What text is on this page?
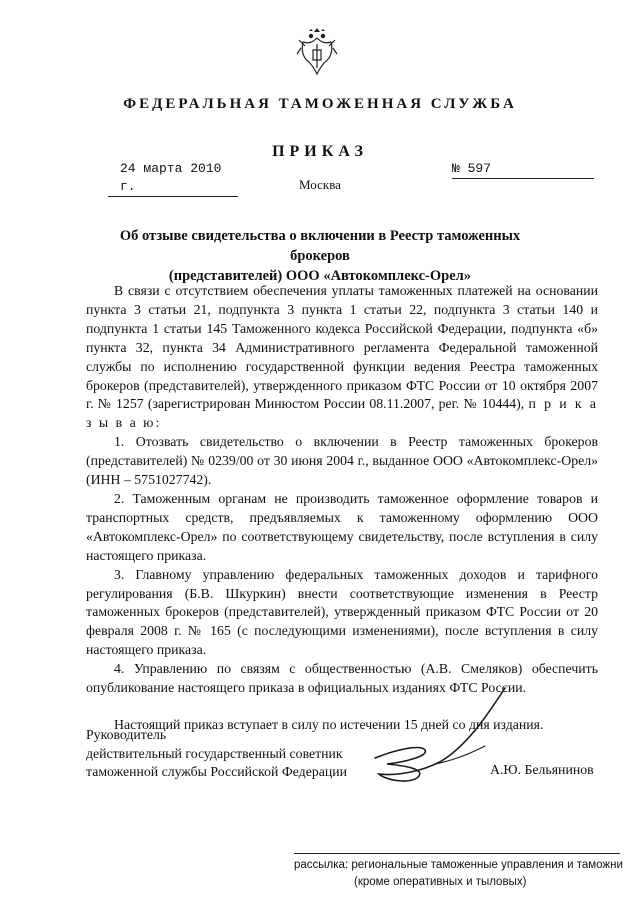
ФЕДЕРАЛЬНАЯ ТАМОЖЕННАЯ СЛУЖБА
ПРИКАЗ
24 марта 2010 г.
№ 597
Москва
Об отзыве свидетельства о включении в Реестр таможенных брокеров
(представителей) ООО «Автокомплекс-Орел»

В связи с отсутствием обеспечения уплаты таможенных платежей на основании пункта 3 статьи 21, подпункта 3 пункта 1 статьи 22, подпункта 3 статьи 140 и подпункта 1 статьи 145 Таможенного кодекса Российской Федерации, подпункта «б» пункта 32, пункта 34 Административного регламента Федеральной таможенной службы по исполнению государственной функции ведения Реестра таможенных брокеров (представителей), утвержденного приказом ФТС России от 10 октября 2007 г. № 1257 (зарегистрирован Минюстом России 08.11.2007, рег. № 10444), п р и к а з ы в а ю:

1. Отозвать свидетельство о включении в Реестр таможенных брокеров (представителей) № 0239/00 от 30 июня 2004 г., выданное ООО «Автокомплекс-Орел» (ИНН – 5751027742).

2. Таможенным органам не производить таможенное оформление товаров и транспортных средств, предъявляемых к таможенному оформлению ООО «Автокомплекс-Орел» по соответствующему свидетельству, после вступления в силу настоящего приказа.

3. Главному управлению федеральных таможенных доходов и тарифного регулирования (Б.В. Шкуркин) внести соответствующие изменения в Реестр таможенных брокеров (представителей), утвержденный приказом ФТС России от 20 февраля 2008 г. № 165 (с последующими изменениями), после вступления в силу настоящего приказа.

4. Управлению по связям с общественностью (А.В. Смеляков) обеспечить опубликование настоящего приказа в официальных изданиях ФТС России.

Настоящий приказ вступает в силу по истечении 15 дней со дня издания.

Руководитель
действительный государственный советник
таможенной службы Российской Федерации	А.Ю. Бельянинов
рассылка: региональные таможенные управления и таможни
(кроме оперативных и тыловых)
